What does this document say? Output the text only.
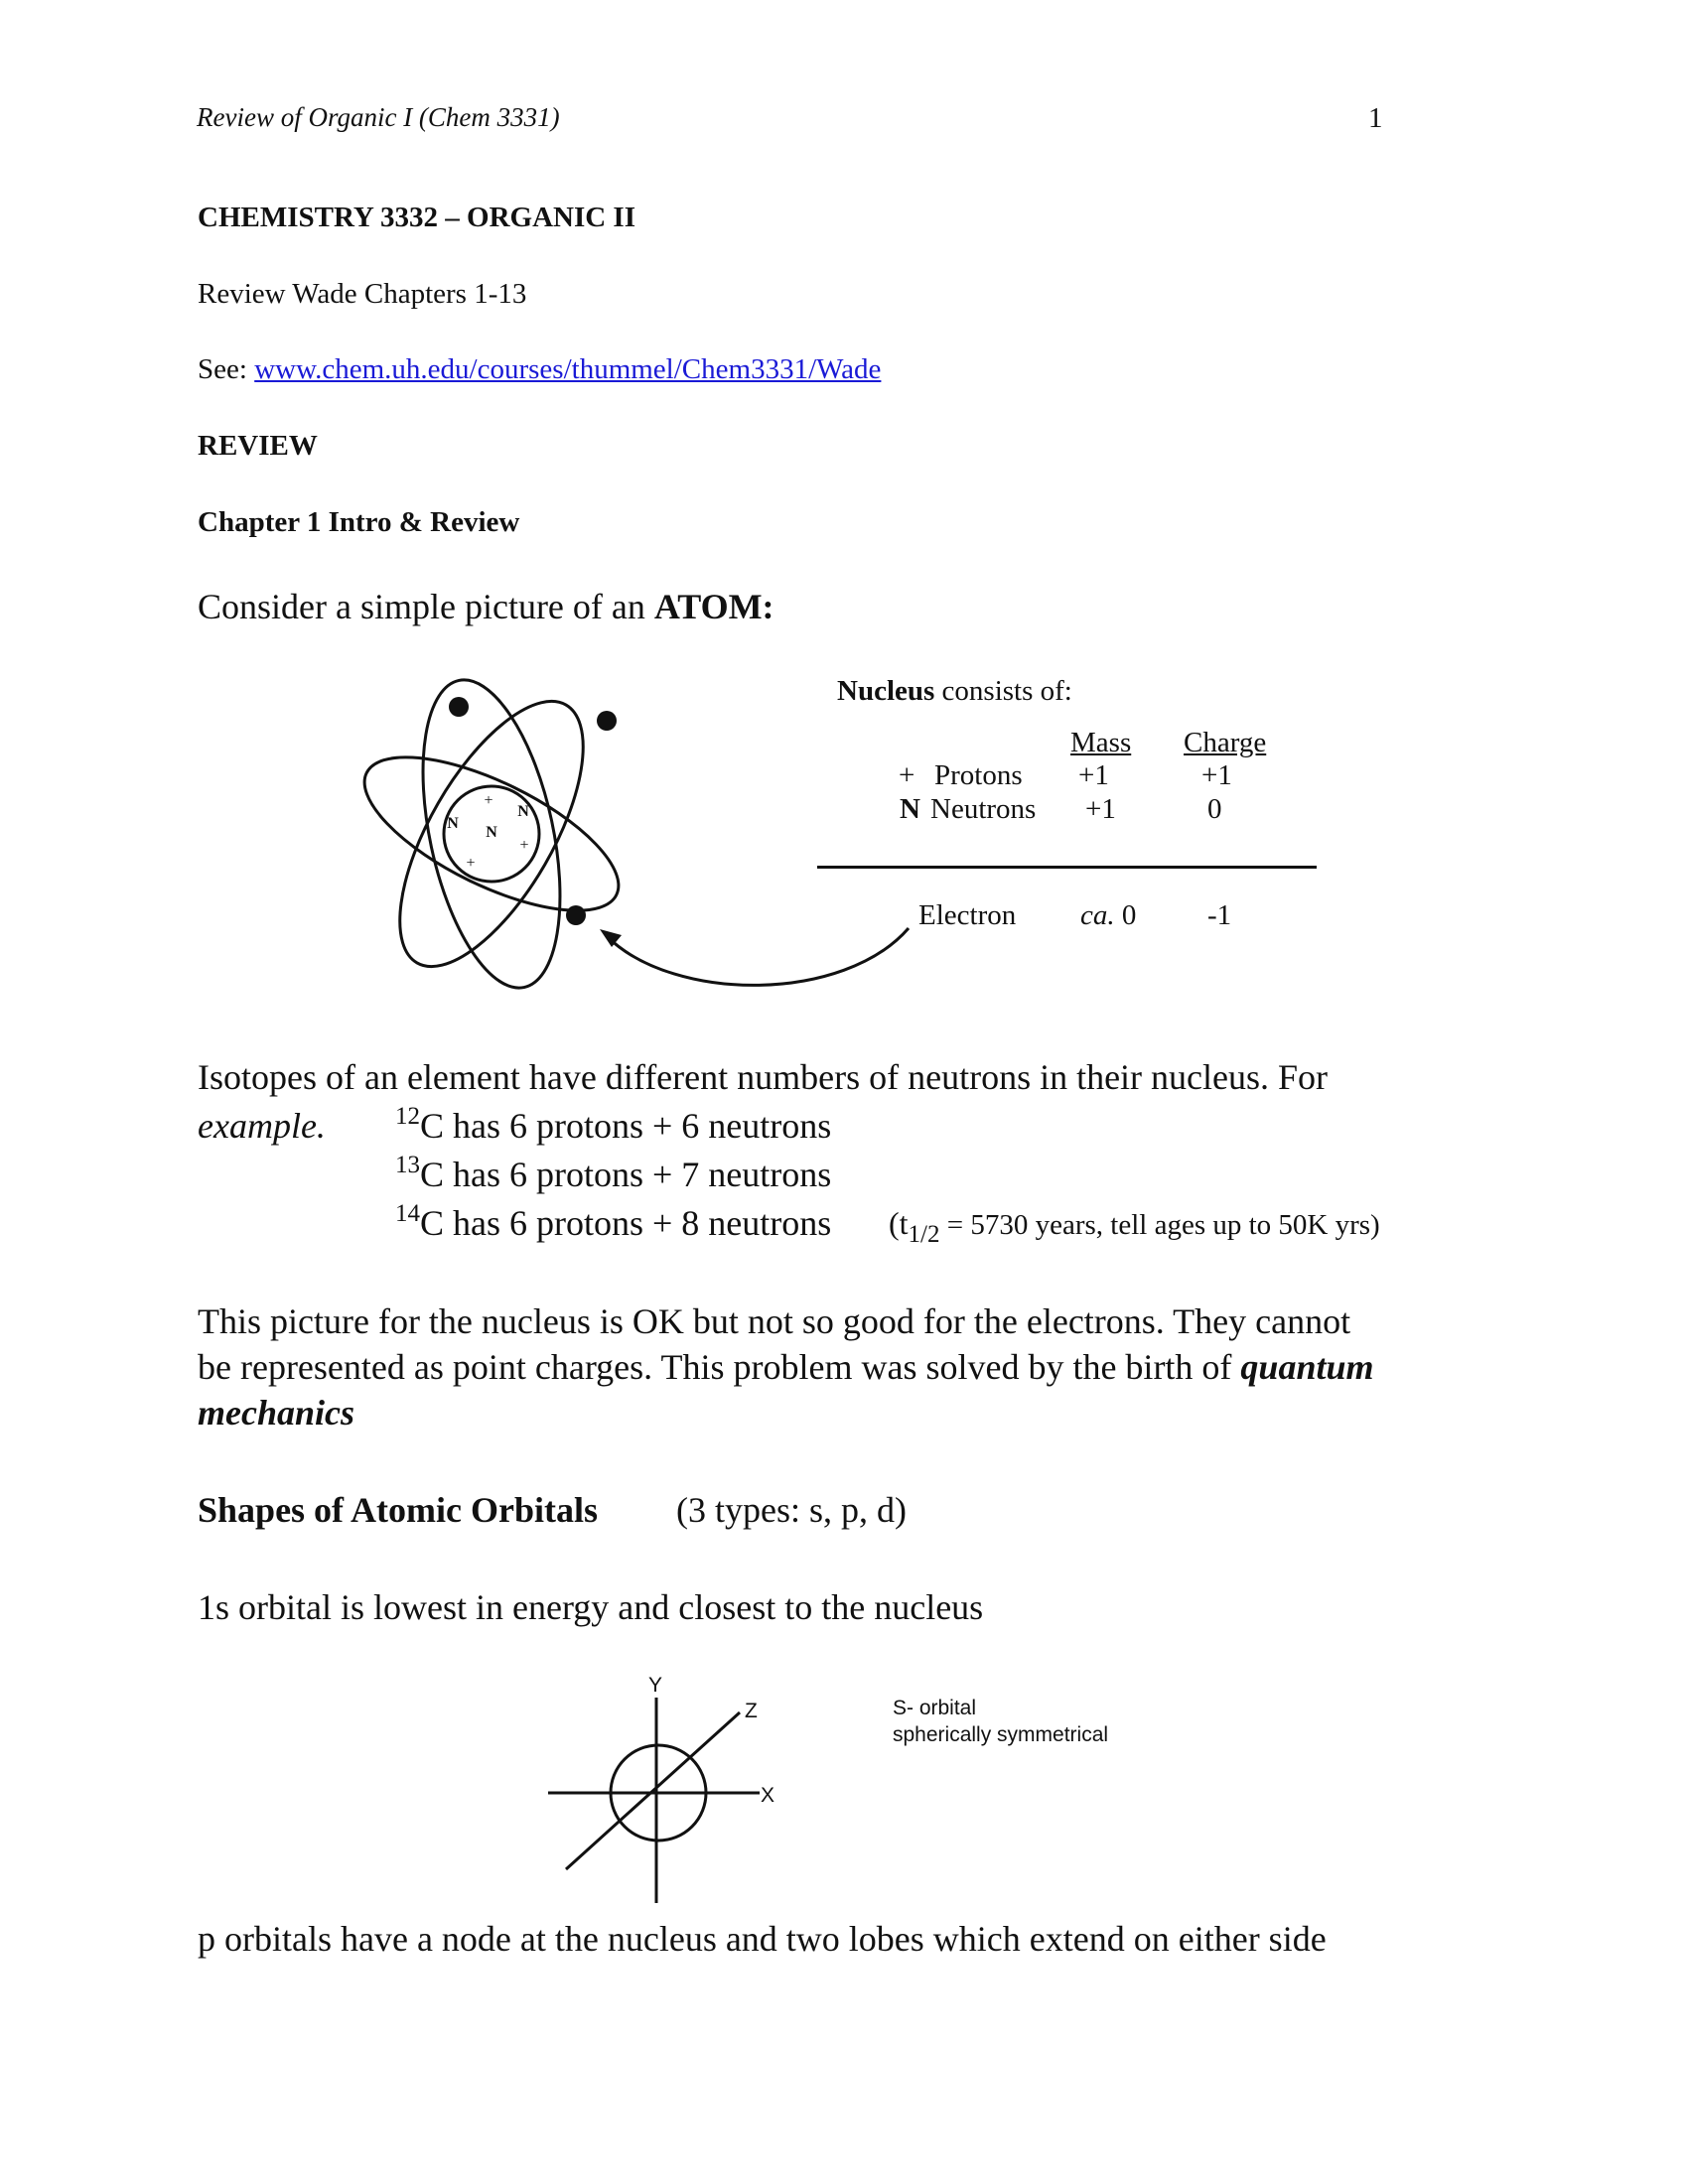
Review of Organic I (Chem 3331)	1
CHEMISTRY 3332 – ORGANIC II
Review Wade Chapters 1-13
See: www.chem.uh.edu/courses/thummel/Chem3331/Wade
REVIEW
Chapter 1 Intro & Review
Consider a simple picture of an ATOM:
+
N
N
N
+
+
Nucleus consists of:
Mass Charge
+ Protons +1	+1
N Neutrons +1	0
Electron ca. 0 -1
Isotopes of an element have different numbers of neutrons in their nucleus. For
example.	$^{12}$C has 6 protons + 6 neutrons
$^{13}$C has 6 protons + 7 neutrons
$^{14}$C has 6 protons + 8 neutrons ($t_{1/2} = 5730$ years, tell ages up to 50K yrs)
This picture for the nucleus is OK but not so good for the electrons. They cannot
be represented as point charges. This problem was solved by the birth of quantum
mechanics
Shapes of Atomic Orbitals (3 types: s, p, d)
1s orbital is lowest in energy and closest to the nucleus
Y
Z
X
S- orbital
spherically symmetrical
p orbitals have a node at the nucleus and two lobes which extend on either side
